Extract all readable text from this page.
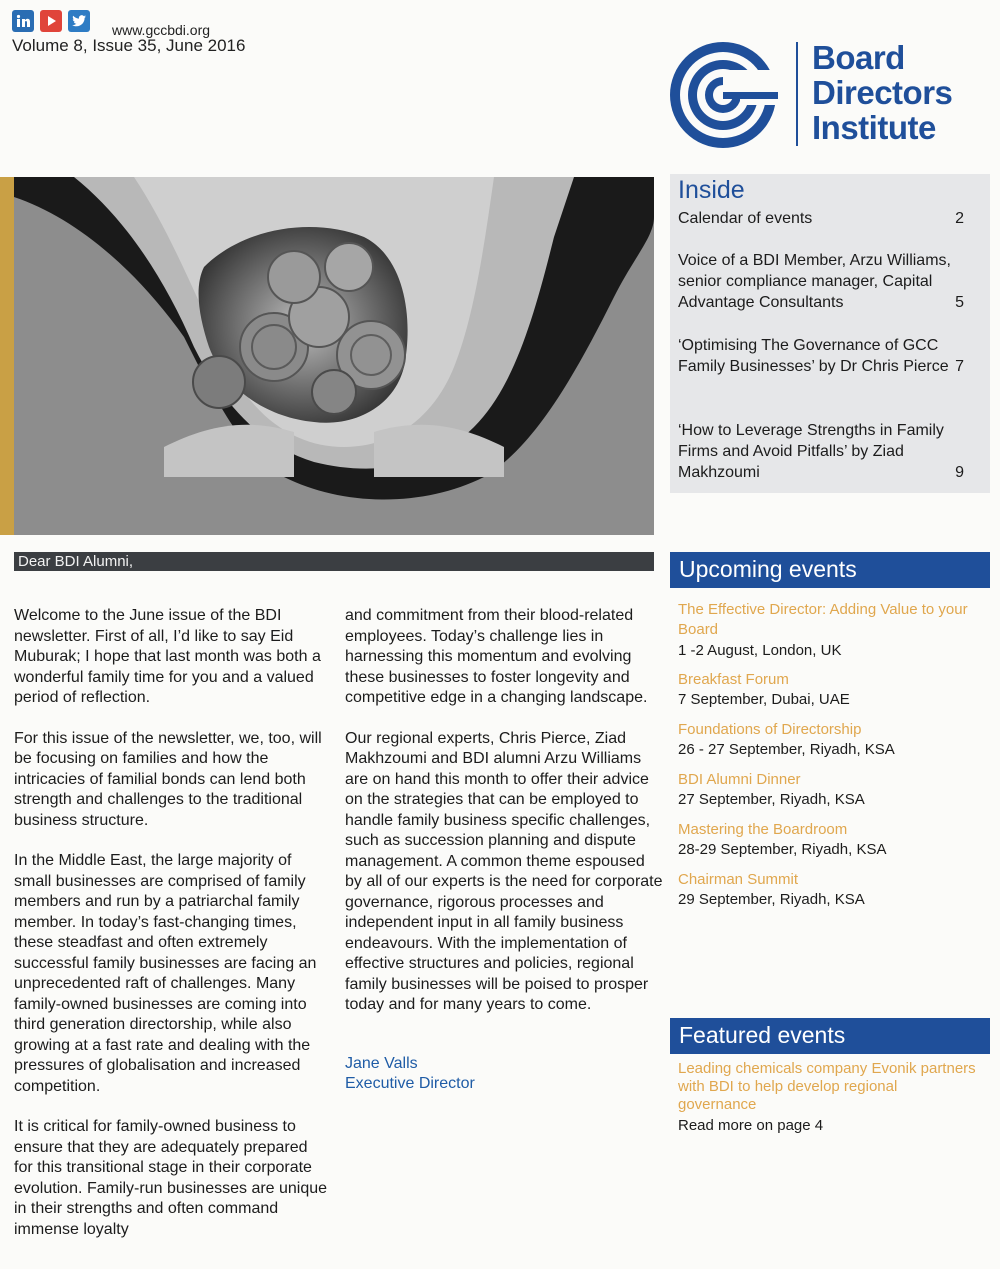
www.gccbdi.org
Volume 8, Issue 35, June 2016	Board
Directors
Institute
Inside
Calendar of events	2
Voice of a BDI Member, Arzu Williams, senior compliance manager, Capital Advantage Consultants	5
‘Optimising The Governance of GCC Family Businesses’ by Dr Chris Pierce 7
‘How to Leverage Strengths in Family Firms and Avoid Pitfalls’ by Ziad Makhzoumi	9
Dear BDI Alumni,

Welcome to the June issue of the BDI newsletter. First of all, I’d like to say Eid Muburak; I hope that last month was both a wonderful family time for you and a valued period of reflection.

For this issue of the newsletter, we, too, will be focusing on families and how the intricacies of familial bonds can lend both strength and challenges to the traditional business structure.

In the Middle East, the large majority of small businesses are comprised of family members and run by a patriarchal family member. In today’s fast-changing times, these steadfast and often extremely successful family businesses are facing an unprecedented raft of challenges. Many family-owned businesses are coming into third generation directorship, while also growing at a fast rate and dealing with the pressures of globalisation and increased competition.

It is critical for family-owned business to ensure that they are adequately prepared for this transitional stage in their corporate evolution. Family-run businesses are unique in their strengths and often command immense loyalty

and commitment from their blood-related employees. Today’s challenge lies in harnessing this momentum and evolving these businesses to foster longevity and competitive edge in a changing landscape.

Our regional experts, Chris Pierce, Ziad Makhzoumi and BDI alumni Arzu Williams are on hand this month to offer their advice on the strategies that can be employed to handle family business specific challenges, such as succession planning and dispute management. A common theme espoused by all of our experts is the need for corporate governance, rigorous processes and independent input in all family business endeavours. With the implementation of effective structures and policies, regional family businesses will be poised to prosper today and for many years to come.

Jane Valls
Executive Director
Upcoming events
The Effective Director: Adding Value to your Board
1 -2 August, London, UK
Breakfast Forum
7 September, Dubai, UAE
Foundations of Directorship
26 - 27 September, Riyadh, KSA
BDI Alumni Dinner
27 September, Riyadh, KSA
Mastering the Boardroom
28-29 September, Riyadh, KSA
Chairman Summit
29 September, Riyadh, KSA
Featured events
Leading chemicals company Evonik partners with BDI to help develop regional governance
Read more on page 4
